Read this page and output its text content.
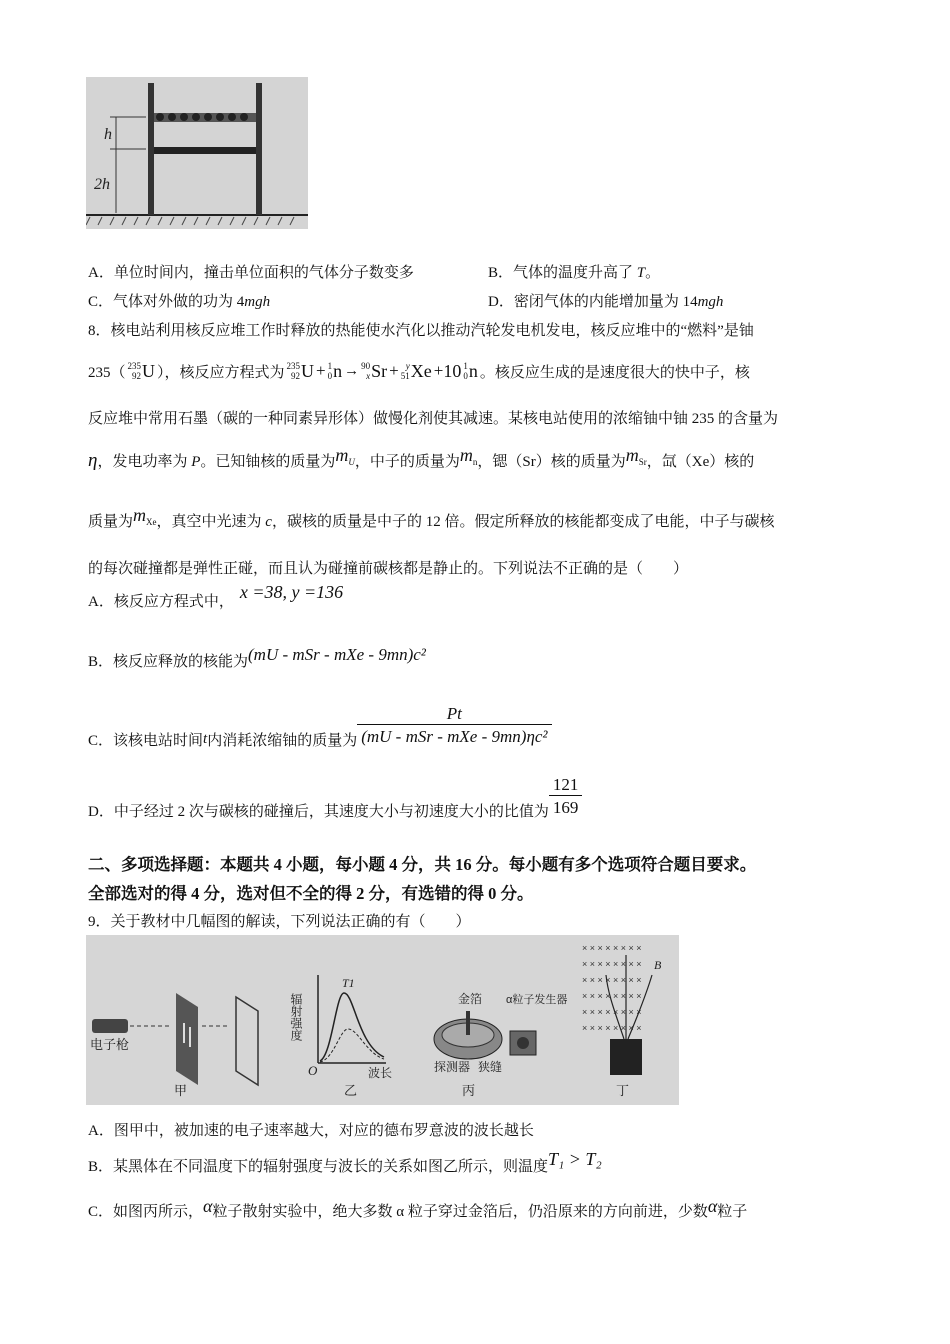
h
2h
A．单位时间内，撞击单位面积的气体分子数变多	B．气体的温度升高了 T。
C．气体对外做的功为 4mgh	D．密闭气体的内能增加量为 14mgh
8．核电站利用核反应堆工作时释放的热能使水汽化以推动汽轮发电机发电，核反应堆中的“燃料”是铀
235（ 235
92 U ），核反应方程式为 235
92 U + 1
0 n → 90
x Sr + y
51 Xe + 10 1
0 n 。核反应生成的是速度很大的快中子，核
反应堆中常用石墨（碳的一种同素异形体）做慢化剂使其减速。某核电站使用的浓缩铀中铀 235 的含量为
η，发电功率为 P。已知铀核的质量为$m_U$，中子的质量为$m_n$，锶（Sr）核的质量为$m_{Sr}$，氙（Xe）核的
质量为$m_{Xe}$，真空中光速为 c，碳核的质量是中子的 12 倍。假定所释放的核能都变成了电能，中子与碳核
的每次碰撞都是弹性正碰，而且认为碰撞前碳核都是静止的。下列说法不正确的是（　　）
A．核反应方程式中， x =38, y =136
B．核反应释放的核能为(mU - mSr - mXe - 9mn)c²
C．该核电站时间 t 内消耗浓缩铀的质量为 $\frac{Pt}{\text{(mU - mSr - mXe - 9mn)ηc²}}$
D．中子经过 2 次与碳核的碰撞后，其速度大小与初速度大小的比值为 $\frac{121}{169}$
二、多项选择题：本题共 4 小题，每小题 4 分，共 16 分。每小题有多个选项符合题目要求。
全部选对的得 4 分，选对但不全的得 2 分，有选错的得 0 分。
9．关于教材中几幅图的解读，下列说法正确的有（　　）
电子枪
甲
辐射强度
T1
O	波长
乙
金箔 α粒子发生器
探测器 狭缝
丙
× × × × × × × ×
× × × × × × × ×
× × × × × × × ×
× × × × × × × ×
× × × × × × × ×
× × × × × × × ×
B
丁
A．图甲中，被加速的电子速率越大，对应的德布罗意波的波长越长
B．某黑体在不同温度下的辐射强度与波长的关系如图乙所示，则温度T₁ > T₂
C．如图丙所示，α粒子散射实验中，绝大多数 α 粒子穿过金箔后，仍沿原来的方向前进，少数α粒子
